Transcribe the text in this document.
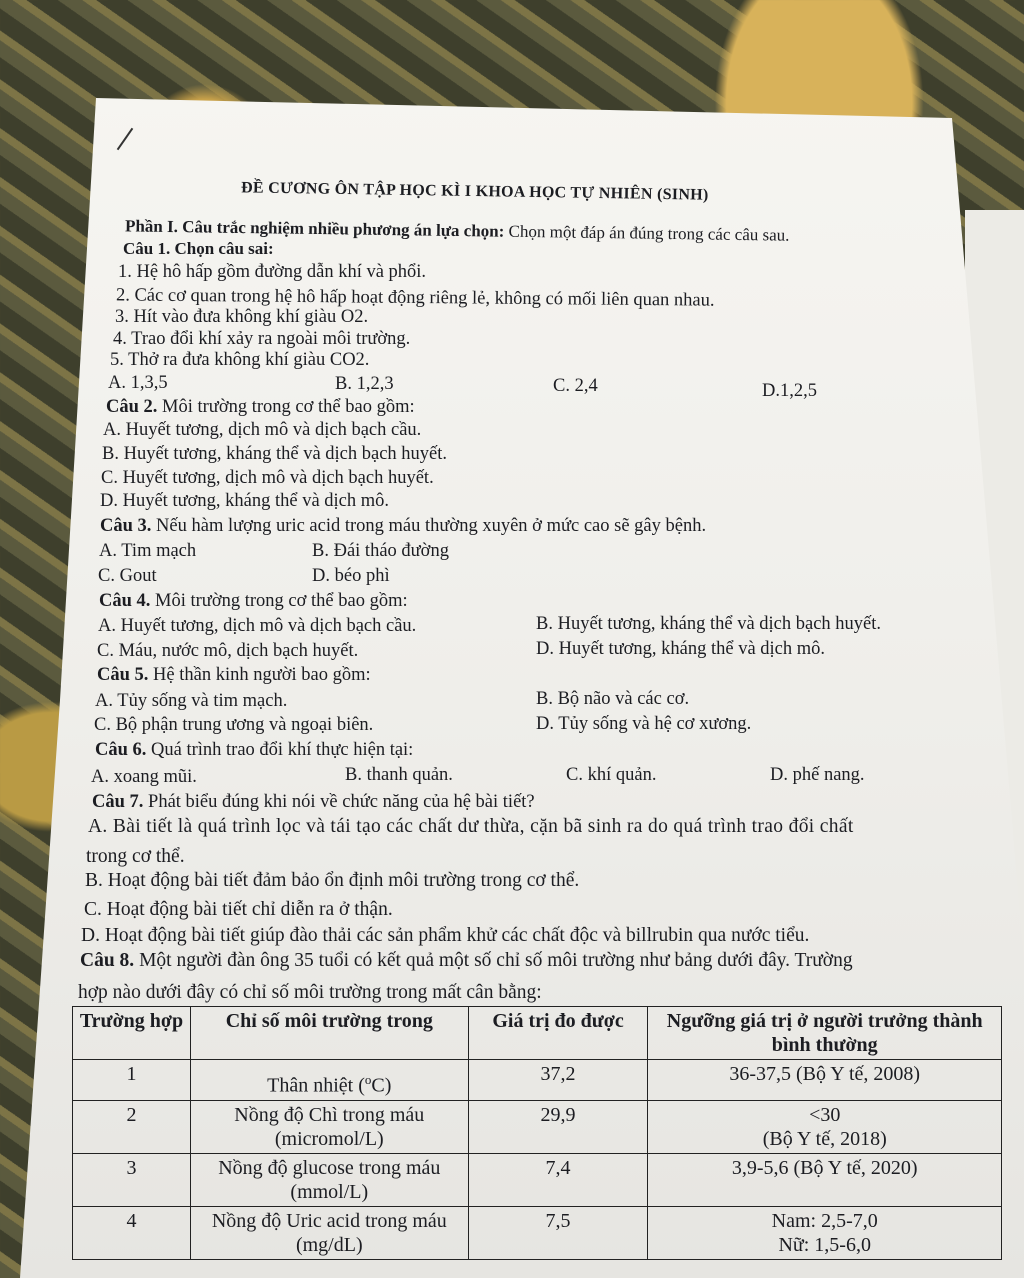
ĐỀ CƯƠNG ÔN TẬP HỌC KÌ I KHOA HỌC TỰ NHIÊN (SINH)
Phần I. Câu trắc nghiệm nhiều phương án lựa chọn: Chọn một đáp án đúng trong các câu sau.
Câu 1. Chọn câu sai:
1. Hệ hô hấp gồm đường dẫn khí và phổi.
2. Các cơ quan trong hệ hô hấp hoạt động riêng lẻ, không có mối liên quan nhau.
3. Hít vào đưa không khí giàu O2.
4. Trao đổi khí xảy ra ngoài môi trường.
5. Thở ra đưa không khí giàu CO2.
A. 1,3,5	B. 1,2,3	C. 2,4	D.1,2,5
Câu 2. Môi trường trong cơ thể bao gồm:
A. Huyết tương, dịch mô và dịch bạch cầu.
B. Huyết tương, kháng thể và dịch bạch huyết.
C. Huyết tương, dịch mô và dịch bạch huyết.
D. Huyết tương, kháng thể và dịch mô.
Câu 3. Nếu hàm lượng uric acid trong máu thường xuyên ở mức cao sẽ gây bệnh.
A. Tim mạch	B. Đái tháo đường
C. Gout	D. béo phì
Câu 4. Môi trường trong cơ thể bao gồm:
A. Huyết tương, dịch mô và dịch bạch cầu.	B. Huyết tương, kháng thể và dịch bạch huyết.
C. Máu, nước mô, dịch bạch huyết.	D. Huyết tương, kháng thể và dịch mô.
Câu 5. Hệ thần kinh người bao gồm:
A. Tủy sống và tim mạch.	B. Bộ não và các cơ.
C. Bộ phận trung ương và ngoại biên.	D. Tủy sống và hệ cơ xương.
Câu 6. Quá trình trao đổi khí thực hiện tại:
A. xoang mũi.	B. thanh quản.	C. khí quản.	D. phế nang.
Câu 7. Phát biểu đúng khi nói về chức năng của hệ bài tiết?
A. Bài tiết là quá trình lọc và tái tạo các chất dư thừa, cặn bã sinh ra do quá trình trao đổi chất
trong cơ thể.
B. Hoạt động bài tiết đảm bảo ổn định môi trường trong cơ thể.
C. Hoạt động bài tiết chỉ diễn ra ở thận.
D. Hoạt động bài tiết giúp đào thải các sản phẩm khử các chất độc và billrubin qua nước tiểu.
Câu 8. Một người đàn ông 35 tuổi có kết quả một số chỉ số môi trường như bảng dưới đây. Trường
hợp nào dưới đây có chỉ số môi trường trong mất cân bằng:
Trường hợp	Chỉ số môi trường trong	Giá trị đo được	Ngưỡng giá trị ở người trưởng thành bình thường
1	Thân nhiệt ($^o$C)	37,2	36-37,5 (Bộ Y tế, 2008)

2	Nồng độ Chì trong máu (micromol/L)	29,9	<30
(Bộ Y tế, 2018)

3	Nồng độ glucose trong máu (mmol/L)	7,4	3,9-5,6 (Bộ Y tế, 2020)

4	Nồng độ Uric acid trong máu (mg/dL)	7,5	Nam: 2,5-7,0
Nữ: 1,5-6,0
